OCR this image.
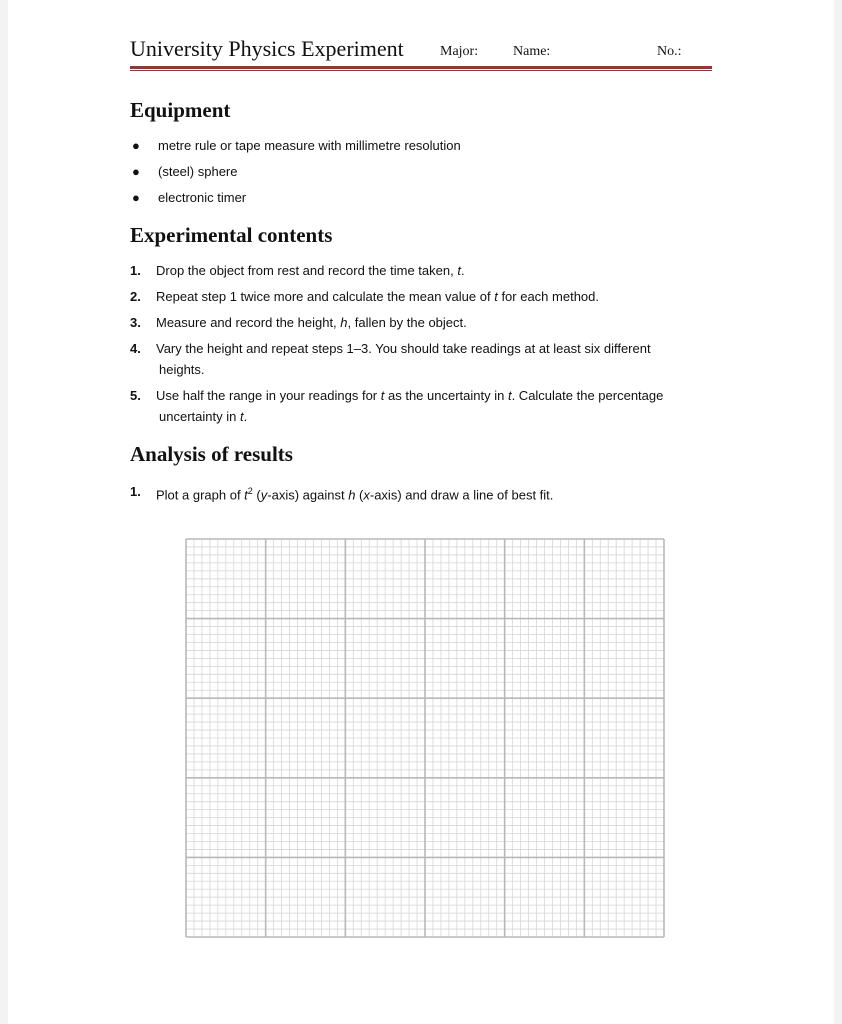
University Physics Experiment	Major: Name:	No.:
Equipment
● metre rule or tape measure with millimetre resolution
● (steel) sphere
● electronic timer
Experimental contents
1.	Drop the object from rest and record the time taken, t.
2.	Repeat step 1 twice more and calculate the mean value of t for each method.
3.	Measure and record the height, h, fallen by the object.
4.	Vary the height and repeat steps 1–3. You should take readings at at least six different
heights.
5.	Use half the range in your readings for t as the uncertainty in t. Calculate the percentage
uncertainty in t.
Analysis of results
1.	Plot a graph of $t^2$ (y-axis) against h (x-axis) and draw a line of best fit.
